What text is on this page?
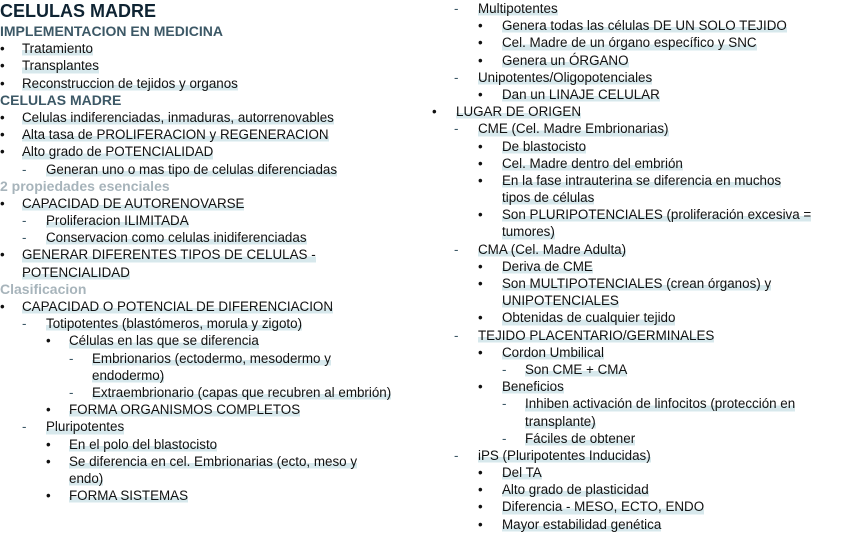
CELULAS MADRE
IMPLEMENTACION EN MEDICINA
•	Tratamiento
•	Transplantes
•	Reconstruccion de tejidos y organos
CELULAS MADRE
•	Celulas indiferenciadas, inmaduras, autorrenovables
•	Alta tasa de PROLIFERACION y REGENERACION
•	Alto grado de POTENCIALIDAD
-	Generan uno o mas tipo de celulas diferenciadas
2 propiedades esenciales
•	CAPACIDAD DE AUTORENOVARSE
-	Proliferacion ILIMITADA
-	Conservacion como celulas inidiferenciadas
•	GENERAR DIFERENTES TIPOS DE CELULAS -
POTENCIALIDAD
Clasificacion
•	CAPACIDAD O POTENCIAL DE DIFERENCIACION
-	Totipotentes (blastómeros, morula y zigoto)
•	Células en las que se diferencia
-	Embrionarios (ectodermo, mesodermo y
endodermo)
-	Extraembrionario (capas que recubren al embrión)
•	FORMA ORGANISMOS COMPLETOS
-	Pluripotentes
•	En el polo del blastocisto
•	Se diferencia en cel. Embrionarias (ecto, meso y
endo)
•	FORMA SISTEMAS
-	Multipotentes
•	Genera todas las células DE UN SOLO TEJIDO
•	Cel. Madre de un órgano específico y SNC
•	Genera un ÓRGANO
-	Unipotentes/Oligopotenciales
•	Dan un LINAJE CELULAR
•	LUGAR DE ORIGEN
-	CME (Cel. Madre Embrionarias)
•	De blastocisto
•	Cel. Madre dentro del embrión
•	En la fase intrauterina se diferencia en muchos
tipos de células
•	Son PLURIPOTENCIALES (proliferación excesiva =
tumores)
-	CMA (Cel. Madre Adulta)
•	Deriva de CME
•	Son MULTIPOTENCIALES (crean órganos) y
UNIPOTENCIALES
•	Obtenidas de cualquier tejido
-	TEJIDO PLACENTARIO/GERMINALES
•	Cordon Umbilical
-	Son CME + CMA
•	Beneficios
-	Inhiben activación de linfocitos (protección en
transplante)
-	Fáciles de obtener
-	iPS (Pluripotentes Inducidas)
•	Del TA
•	Alto grado de plasticidad
•	Diferencia - MESO, ECTO, ENDO
•	Mayor estabilidad genética
